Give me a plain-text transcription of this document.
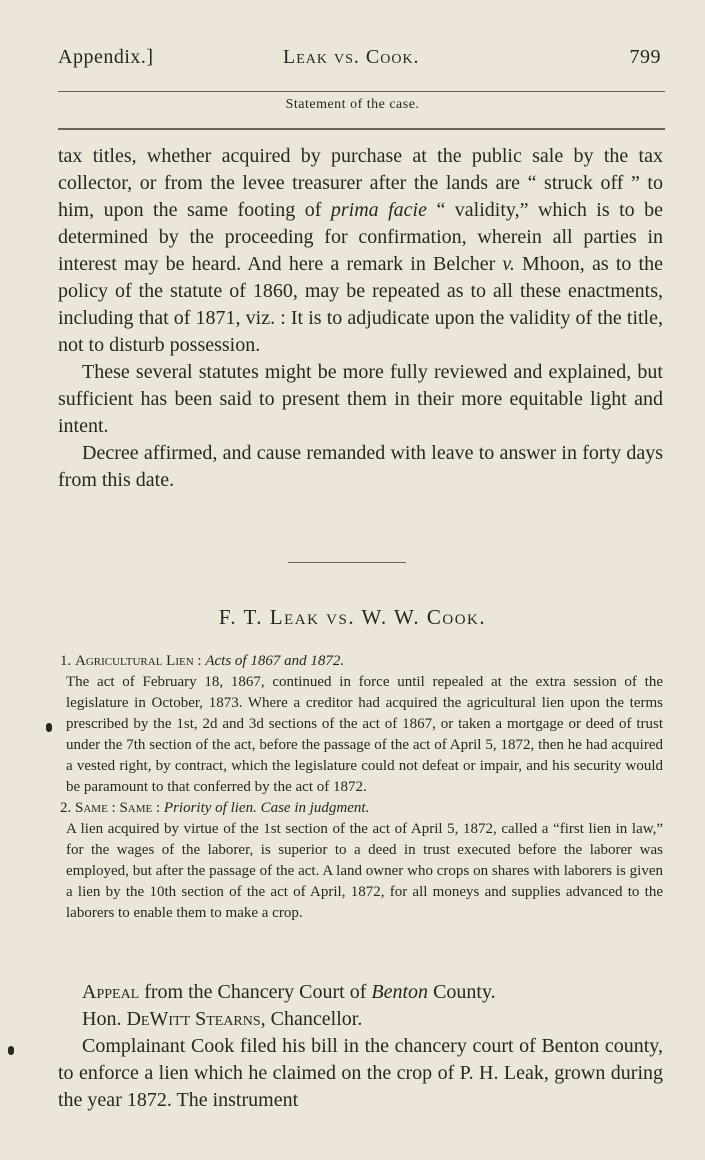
Appendix.]	Leak vs. Cook.	799
Statement of the case.

tax titles, whether acquired by purchase at the public sale by the tax collector, or from the levee treasurer after the lands are “ struck off ” to him, upon the same footing of prima facie “ validity,” which is to be determined by the proceeding for confirmation, wherein all parties in interest may be heard. And here a remark in Belcher v. Mhoon, as to the policy of the statute of 1860, may be repeated as to all these enactments, including that of 1871, viz. : It is to adjudicate upon the validity of the title, not to disturb possession.

These several statutes might be more fully reviewed and explained, but sufficient has been said to present them in their more equitable light and intent.

Decree affirmed, and cause remanded with leave to answer in forty days from this date.

F. T. Leak vs. W. W. Cook.

1. Agricultural Lien : Acts of 1867 and 1872.

The act of February 18, 1867, continued in force until repealed at the extra session of the legislature in October, 1873. Where a creditor had acquired the agricultural lien upon the terms prescribed by the 1st, 2d and 3d sections of the act of 1867, or taken a mortgage or deed of trust under the 7th section of the act, before the passage of the act of April 5, 1872, then he had acquired a vested right, by contract, which the legislature could not defeat or impair, and his security would be paramount to that conferred by the act of 1872.

2. Same : Same : Priority of lien. Case in judgment.

A lien acquired by virtue of the 1st section of the act of April 5, 1872, called a “first lien in law,” for the wages of the laborer, is superior to a deed in trust executed before the laborer was employed, but after the passage of the act. A land owner who crops on shares with laborers is given a lien by the 10th section of the act of April, 1872, for all moneys and supplies advanced to the laborers to enable them to make a crop.

Appeal from the Chancery Court of Benton County.

Hon. DeWitt Stearns, Chancellor.

Complainant Cook filed his bill in the chancery court of Benton county, to enforce a lien which he claimed on the crop of P. H. Leak, grown during the year 1872. The instrument
